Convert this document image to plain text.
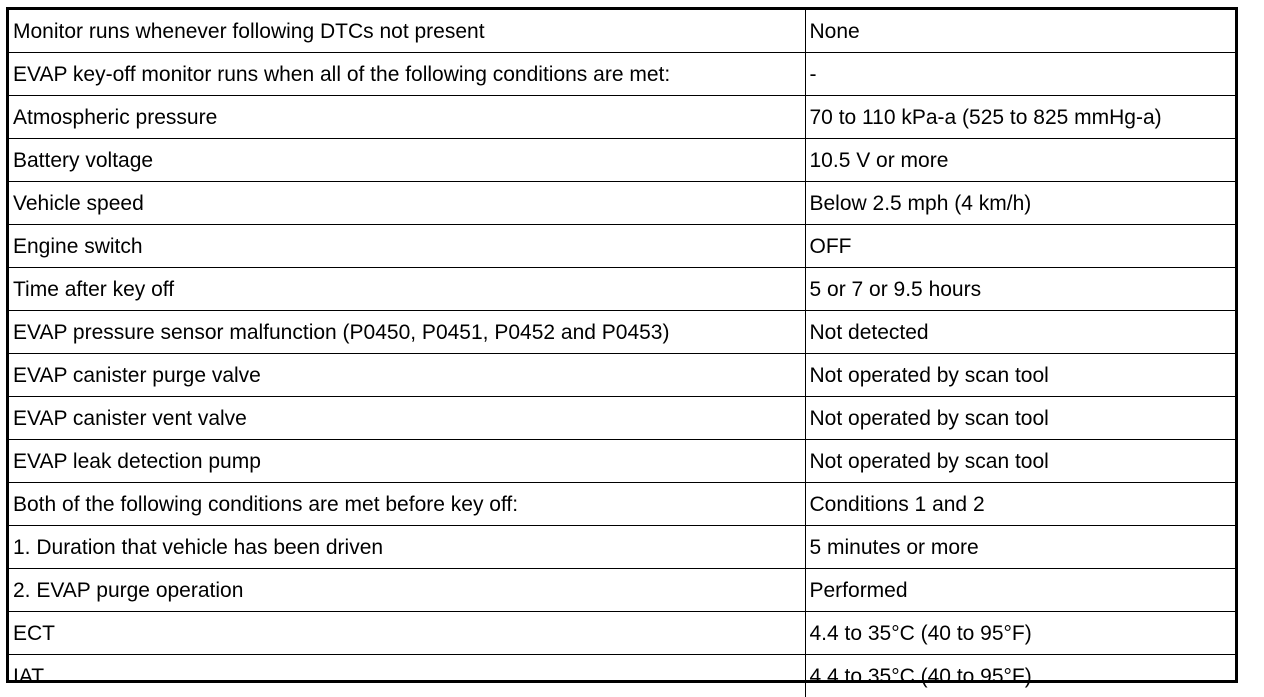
Monitor runs whenever following DTCs not present	None
EVAP key-off monitor runs when all of the following conditions are met:	-
Atmospheric pressure	70 to 110 kPa-a (525 to 825 mmHg-a)
Battery voltage	10.5 V or more
Vehicle speed	Below 2.5 mph (4 km/h)
Engine switch	OFF
Time after key off	5 or 7 or 9.5 hours
EVAP pressure sensor malfunction (P0450, P0451, P0452 and P0453)	Not detected
EVAP canister purge valve	Not operated by scan tool
EVAP canister vent valve	Not operated by scan tool
EVAP leak detection pump	Not operated by scan tool
Both of the following conditions are met before key off:	Conditions 1 and 2
1. Duration that vehicle has been driven	5 minutes or more
2. EVAP purge operation	Performed
ECT	4.4 to 35°C (40 to 95°F)
IAT	4.4 to 35°C (40 to 95°F)
